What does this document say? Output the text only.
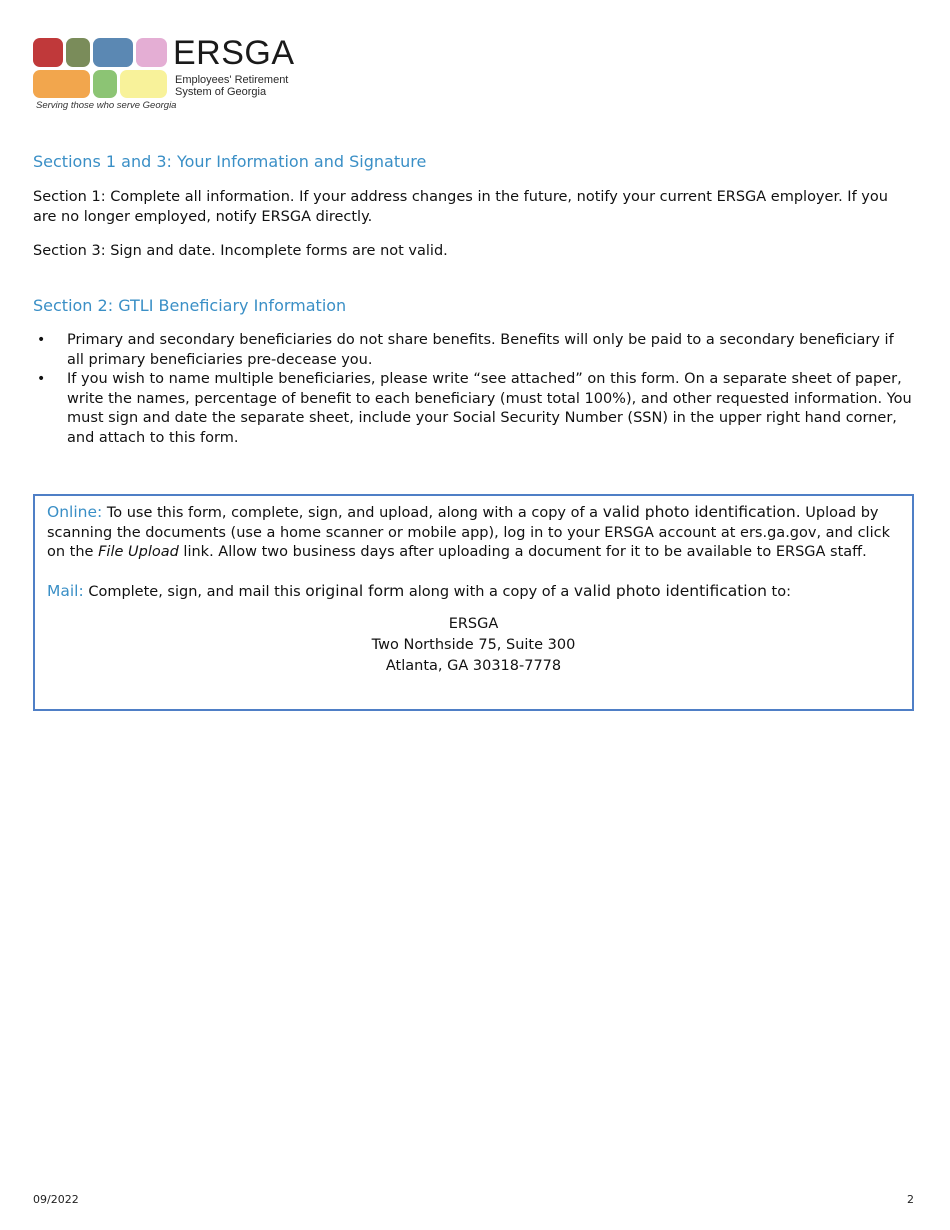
ERSGA
Employees' Retirement System of Georgia
Serving those who serve Georgia
Sections 1 and 3: Your Information and Signature

Section 1: Complete all information. If your address changes in the future, notify your current ERSGA employer. If you are no longer employed, notify ERSGA directly.

Section 3: Sign and date. Incomplete forms are not valid.

Section 2: GTLI Beneficiary Information
• Primary and secondary beneficiaries do not share benefits. Benefits will only be paid to a secondary beneficiary if all primary beneficiaries pre-decease you.
• If you wish to name multiple beneficiaries, please write “see attached” on this form. On a separate sheet of paper, write the names, percentage of benefit to each beneficiary (must total 100%), and other requested information. You must sign and date the separate sheet, include your Social Security Number (SSN) in the upper right hand corner, and attach to this form.

Online: To use this form, complete, sign, and upload, along with a copy of a valid photo identification. Upload by scanning the documents (use a home scanner or mobile app), log in to your ERSGA account at ers.ga.gov, and click on the File Upload link. Allow two business days after uploading a document for it to be available to ERSGA staff.

Mail: Complete, sign, and mail this original form along with a copy of a valid photo identification to:

ERSGA
Two Northside 75, Suite 300
Atlanta, GA 30318-7778
09/2022	2
